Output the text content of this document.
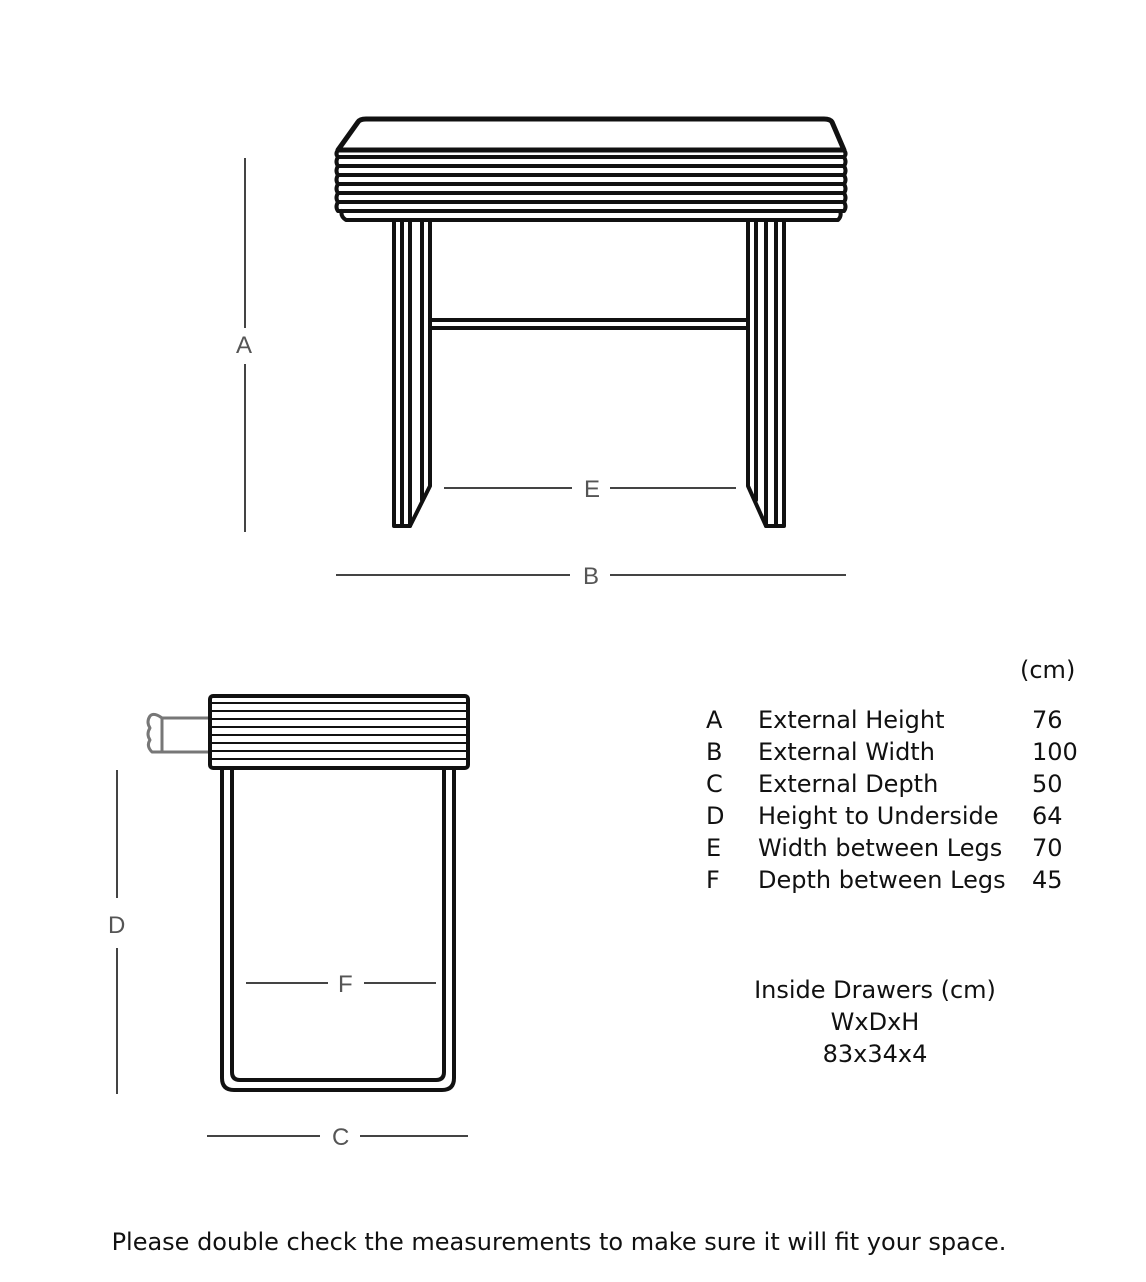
A
B
E
D
F
C
(cm)
A External Height	76
B External Width	100
C External Depth	50
D Height to Underside 64
E Width between Legs 70
F Depth between Legs 45
Inside Drawers (cm)
WxDxH
83x34x4
Please double check the measurements to make sure it will fit your space.
